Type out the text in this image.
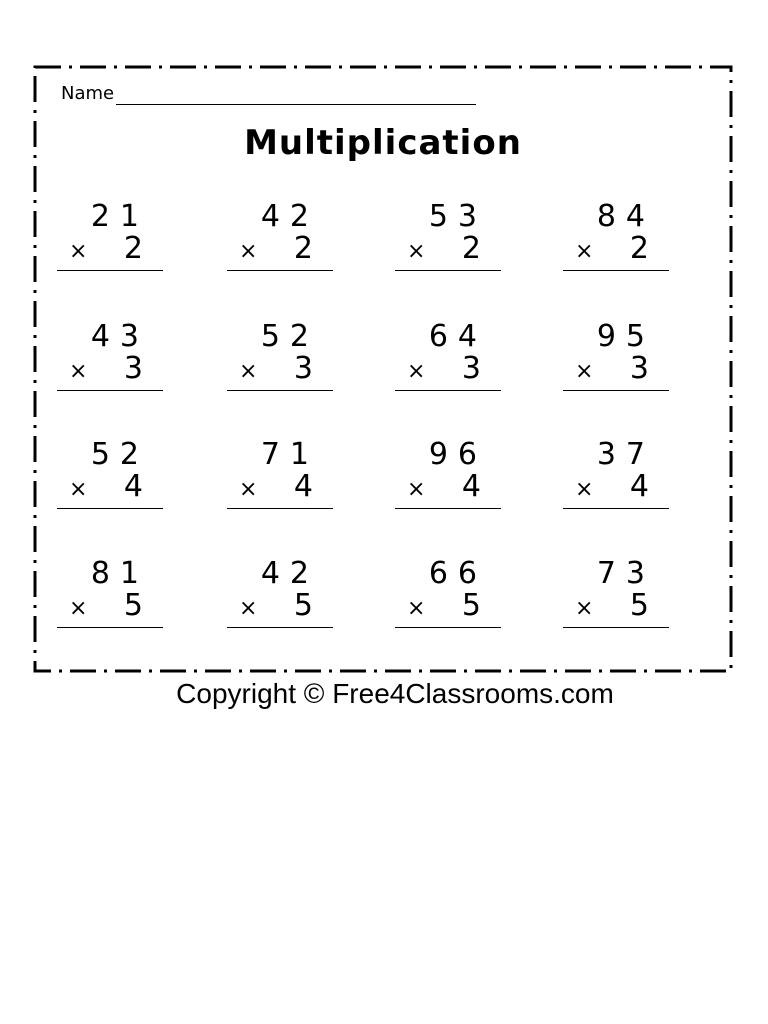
Name
Multiplication
21
× 2
42
× 2
53
× 2
84
× 2
43
× 3
52
× 3
64
× 3
95
× 3
52
× 4
71
× 4
96
× 4
37
× 4
81
× 5
42
× 5
66
× 5
73
× 5
Copyright © Free4Classrooms.com
